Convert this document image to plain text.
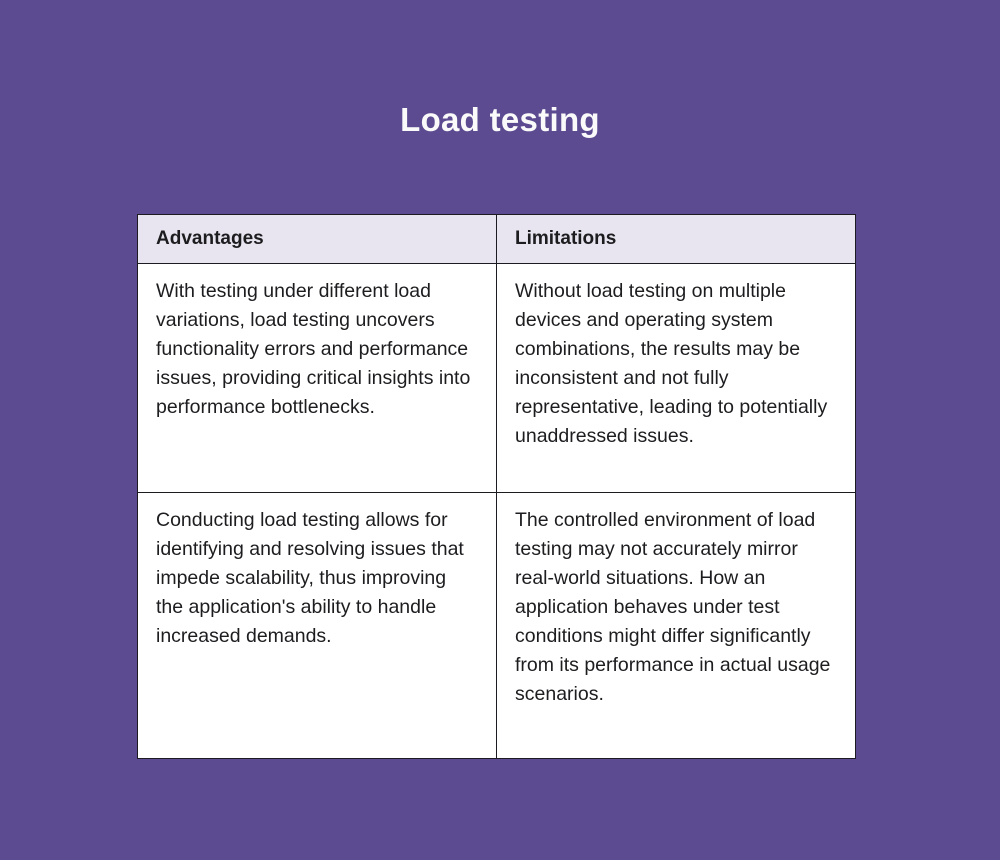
Load testing
Advantages	Limitations
With testing under different load variations, load testing uncovers functionality errors and performance issues, providing critical insights into performance bottlenecks.	Without load testing on multiple devices and operating system combinations, the results may be inconsistent and not fully representative, leading to potentially unaddressed issues.
Conducting load testing allows for identifying and resolving issues that impede scalability, thus improving the application's ability to handle increased demands.	The controlled environment of load testing may not accurately mirror real-world situations. How an application behaves under test conditions might differ significantly from its performance in actual usage scenarios.
